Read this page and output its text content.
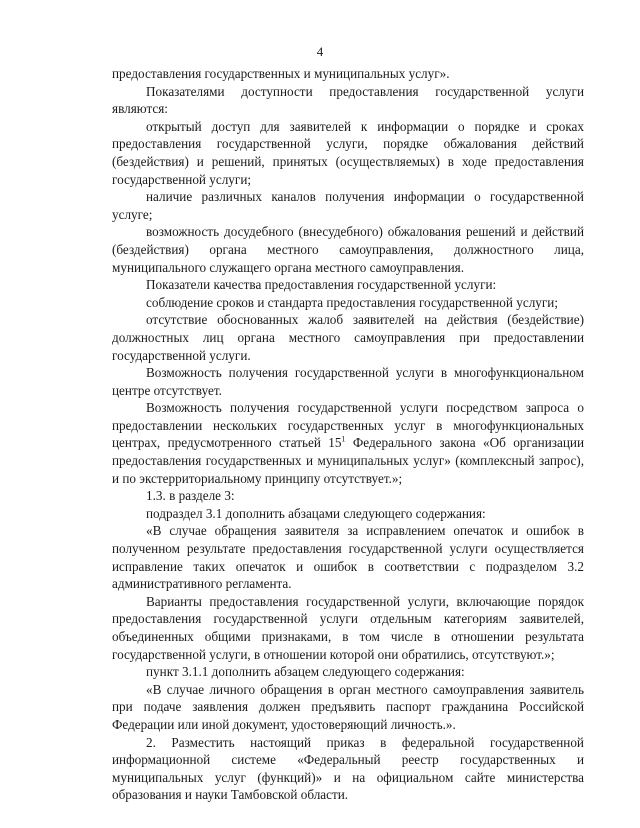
4

предоставления государственных и муниципальных услуг».

Показателями доступности предоставления государственной услуги являются:

открытый доступ для заявителей к информации о порядке и сроках предоставления государственной услуги, порядке обжалования действий (бездействия) и решений, принятых (осуществляемых) в ходе предоставления государственной услуги;

наличие различных каналов получения информации о государственной услуге;

возможность досудебного (внесудебного) обжалования решений и действий (бездействия) органа местного самоуправления, должностного лица, муниципального служащего органа местного самоуправления.

Показатели качества предоставления государственной услуги:

соблюдение сроков и стандарта предоставления государственной услуги;

отсутствие обоснованных жалоб заявителей на действия (бездействие) должностных лиц органа местного самоуправления при предоставлении государственной услуги.

Возможность получения государственной услуги в многофункциональном центре отсутствует.

Возможность получения государственной услуги посредством запроса о предоставлении нескольких государственных услуг в многофункциональных центрах, предусмотренного статьей $15^1$ Федерального закона «Об организации предоставления государственных и муниципальных услуг» (комплексный запрос), и по экстерриториальному принципу отсутствует.»;

1.3. в разделе 3:

подраздел 3.1 дополнить абзацами следующего содержания:

«В случае обращения заявителя за исправлением опечаток и ошибок в полученном результате предоставления государственной услуги осуществляется исправление таких опечаток и ошибок в соответствии с подразделом 3.2 административного регламента.

Варианты предоставления государственной услуги, включающие порядок предоставления государственной услуги отдельным категориям заявителей, объединенных общими признаками, в том числе в отношении результата государственной услуги, в отношении которой они обратились, отсутствуют.»;

пункт 3.1.1 дополнить абзацем следующего содержания:

«В случае личного обращения в орган местного самоуправления заявитель при подаче заявления должен предъявить паспорт гражданина Российской Федерации или иной документ, удостоверяющий личность.».

2. Разместить настоящий приказ в федеральной государственной информационной системе «Федеральный реестр государственных и муниципальных услуг (функций)» и на официальном сайте министерства образования и науки Тамбовской области.
